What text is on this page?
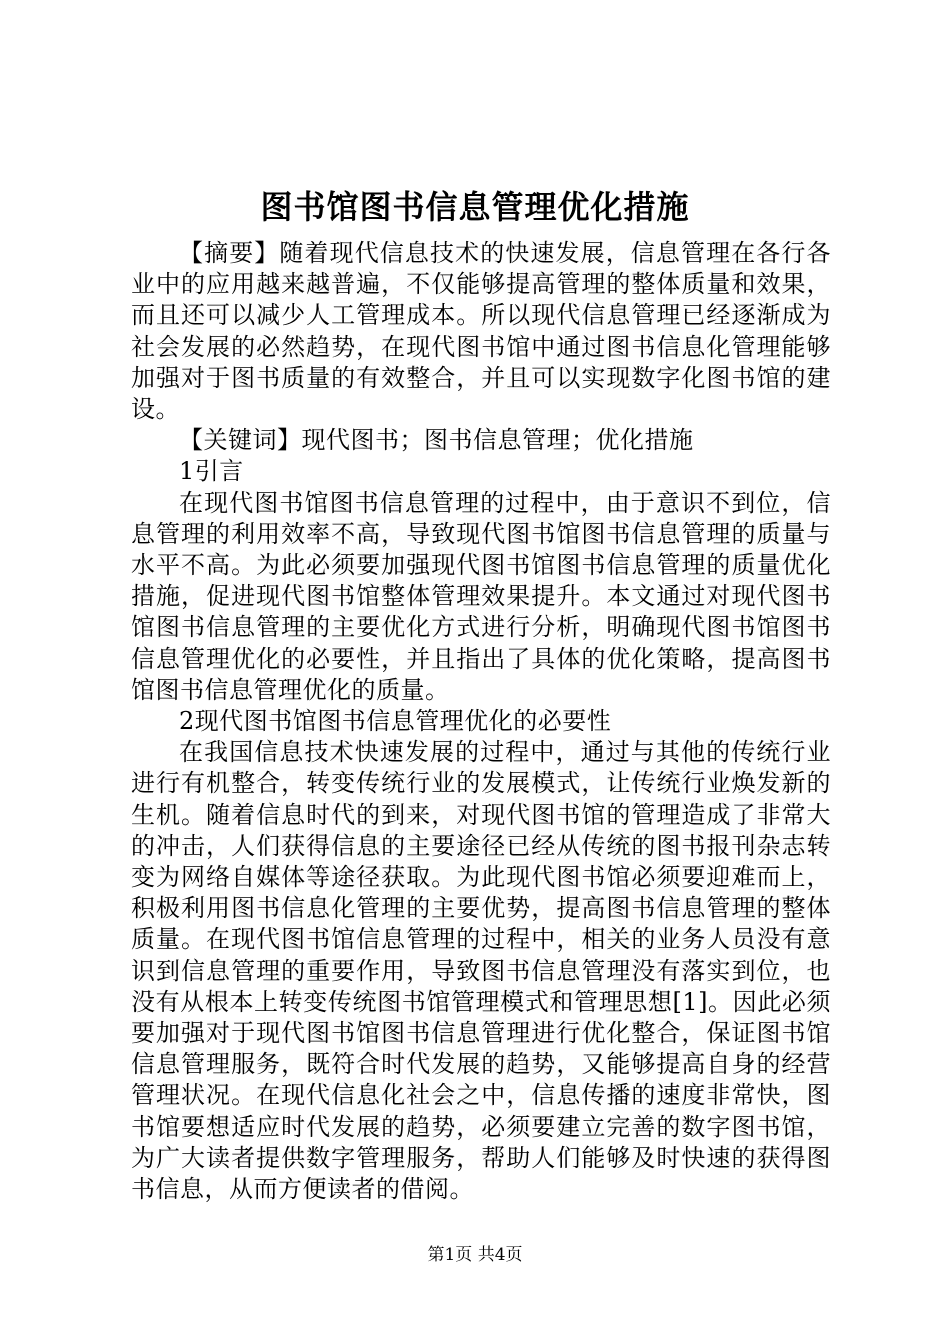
图书馆图书信息管理优化措施

【摘要】随着现代信息技术的快速发展，信息管理在各行各业中的应用越来越普遍，不仅能够提高管理的整体质量和效果，而且还可以减少人工管理成本。所以现代信息管理已经逐渐成为社会发展的必然趋势，在现代图书馆中通过图书信息化管理能够加强对于图书质量的有效整合，并且可以实现数字化图书馆的建设。

【关键词】现代图书；图书信息管理；优化措施

1引言

在现代图书馆图书信息管理的过程中，由于意识不到位，信息管理的利用效率不高，导致现代图书馆图书信息管理的质量与水平不高。为此必须要加强现代图书馆图书信息管理的质量优化措施，促进现代图书馆整体管理效果提升。本文通过对现代图书馆图书信息管理的主要优化方式进行分析，明确现代图书馆图书信息管理优化的必要性，并且指出了具体的优化策略，提高图书馆图书信息管理优化的质量。

2现代图书馆图书信息管理优化的必要性

在我国信息技术快速发展的过程中，通过与其他的传统行业进行有机整合，转变传统行业的发展模式，让传统行业焕发新的生机。随着信息时代的到来，对现代图书馆的管理造成了非常大的冲击，人们获得信息的主要途径已经从传统的图书报刊杂志转变为网络自媒体等途径获取。为此现代图书馆必须要迎难而上，积极利用图书信息化管理的主要优势，提高图书信息管理的整体质量。在现代图书馆信息管理的过程中，相关的业务人员没有意识到信息管理的重要作用，导致图书信息管理没有落实到位，也没有从根本上转变传统图书馆管理模式和管理思想[1]。因此必须要加强对于现代图书馆图书信息管理进行优化整合，保证图书馆信息管理服务，既符合时代发展的趋势，又能够提高自身的经营管理状况。在现代信息化社会之中，信息传播的速度非常快，图书馆要想适应时代发展的趋势，必须要建立完善的数字图书馆，为广大读者提供数字管理服务，帮助人们能够及时快速的获得图书信息，从而方便读者的借阅。

第1页 共4页
